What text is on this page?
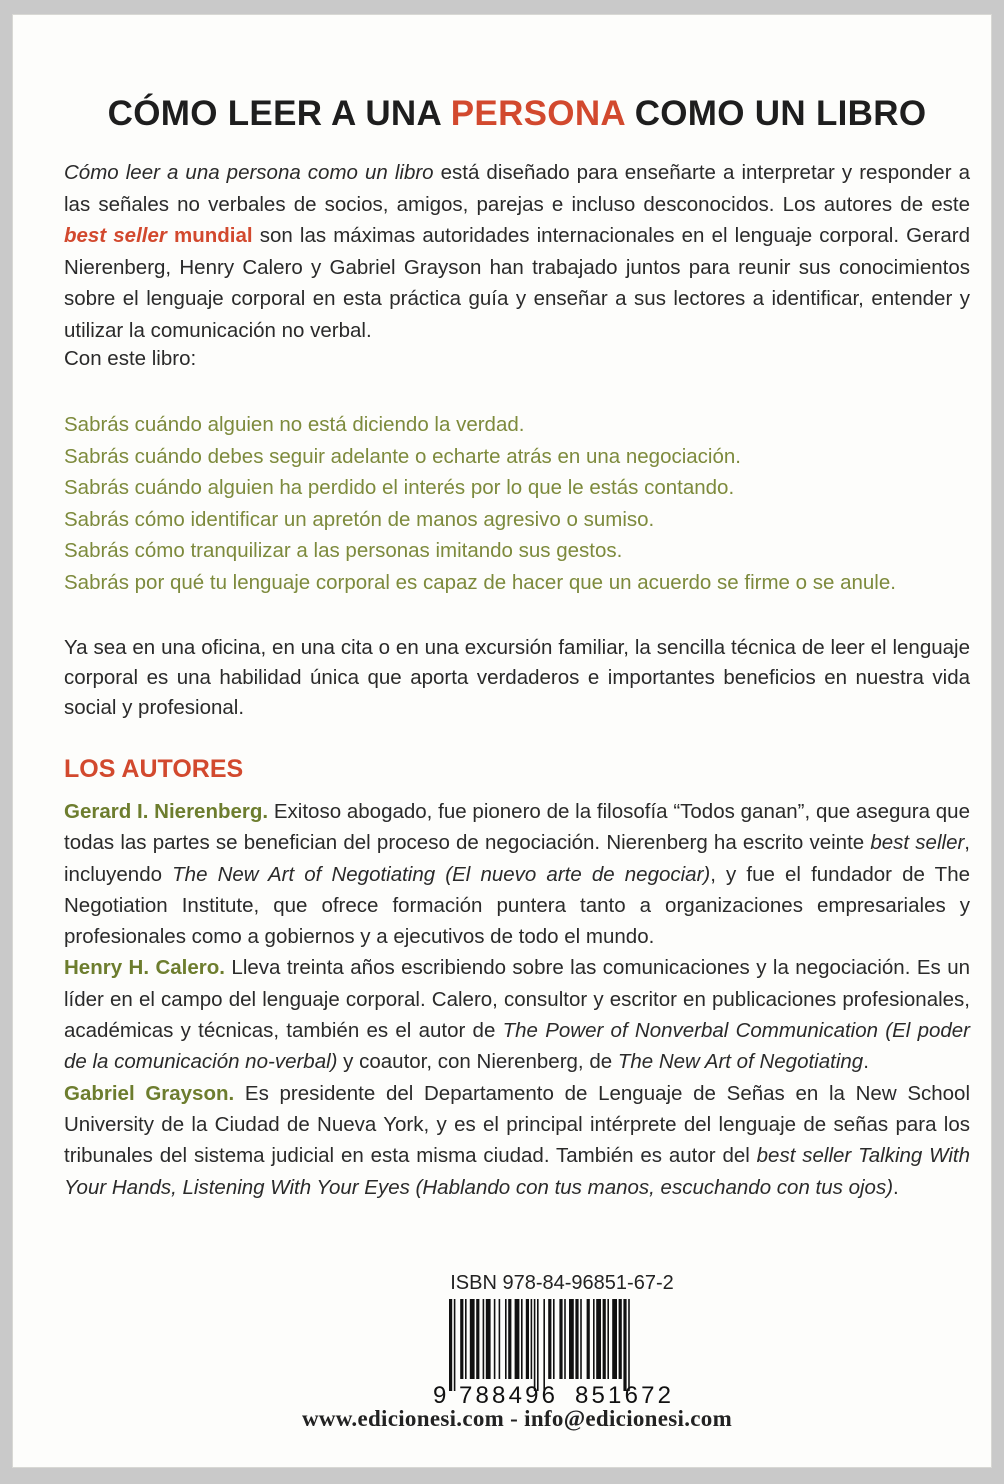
CÓMO LEER A UNA PERSONA COMO UN LIBRO

Cómo leer a una persona como un libro está diseñado para enseñarte a interpretar y responder a las señales no verbales de socios, amigos, parejas e incluso desconocidos. Los autores de este best seller mundial son las máximas autoridades internacionales en el lenguaje corporal. Gerard Nierenberg, Henry Calero y Gabriel Grayson han trabajado juntos para reunir sus conocimientos sobre el lenguaje corporal en esta práctica guía y enseñar a sus lectores a identificar, entender y utilizar la comunicación no verbal.

Con este libro:

Sabrás cuándo alguien no está diciendo la verdad.
Sabrás cuándo debes seguir adelante o echarte atrás en una negociación.
Sabrás cuándo alguien ha perdido el interés por lo que le estás contando.
Sabrás cómo identificar un apretón de manos agresivo o sumiso.
Sabrás cómo tranquilizar a las personas imitando sus gestos.
Sabrás por qué tu lenguaje corporal es capaz de hacer que un acuerdo se firme o se anule.

Ya sea en una oficina, en una cita o en una excursión familiar, la sencilla técnica de leer el lenguaje corporal es una habilidad única que aporta verdaderos e importantes beneficios en nuestra vida social y profesional.

LOS AUTORES

Gerard I. Nierenberg. Exitoso abogado, fue pionero de la filosofía “Todos ganan”, que asegura que todas las partes se benefician del proceso de negociación. Nierenberg ha escrito veinte best seller, incluyendo The New Art of Negotiating (El nuevo arte de negociar), y fue el fundador de The Negotiation Institute, que ofrece formación puntera tanto a organizaciones empresariales y profesionales como a gobiernos y a ejecutivos de todo el mundo.

Henry H. Calero. Lleva treinta años escribiendo sobre las comunicaciones y la negociación. Es un líder en el campo del lenguaje corporal. Calero, consultor y escritor en publicaciones profesionales, académicas y técnicas, también es el autor de The Power of Nonverbal Communication (El poder de la comunicación no-verbal) y coautor, con Nierenberg, de The New Art of Negotiating.

Gabriel Grayson. Es presidente del Departamento de Lenguaje de Señas en la New School University de la Ciudad de Nueva York, y es el principal intérprete del lenguaje de señas para los tribunales del sistema judicial en esta misma ciudad. También es autor del best seller Talking With Your Hands, Listening With Your Eyes (Hablando con tus manos, escuchando con tus ojos).

ISBN 978-84-96851-67-2
9 788496 851672

www.edicionesi.com - info@edicionesi.com
